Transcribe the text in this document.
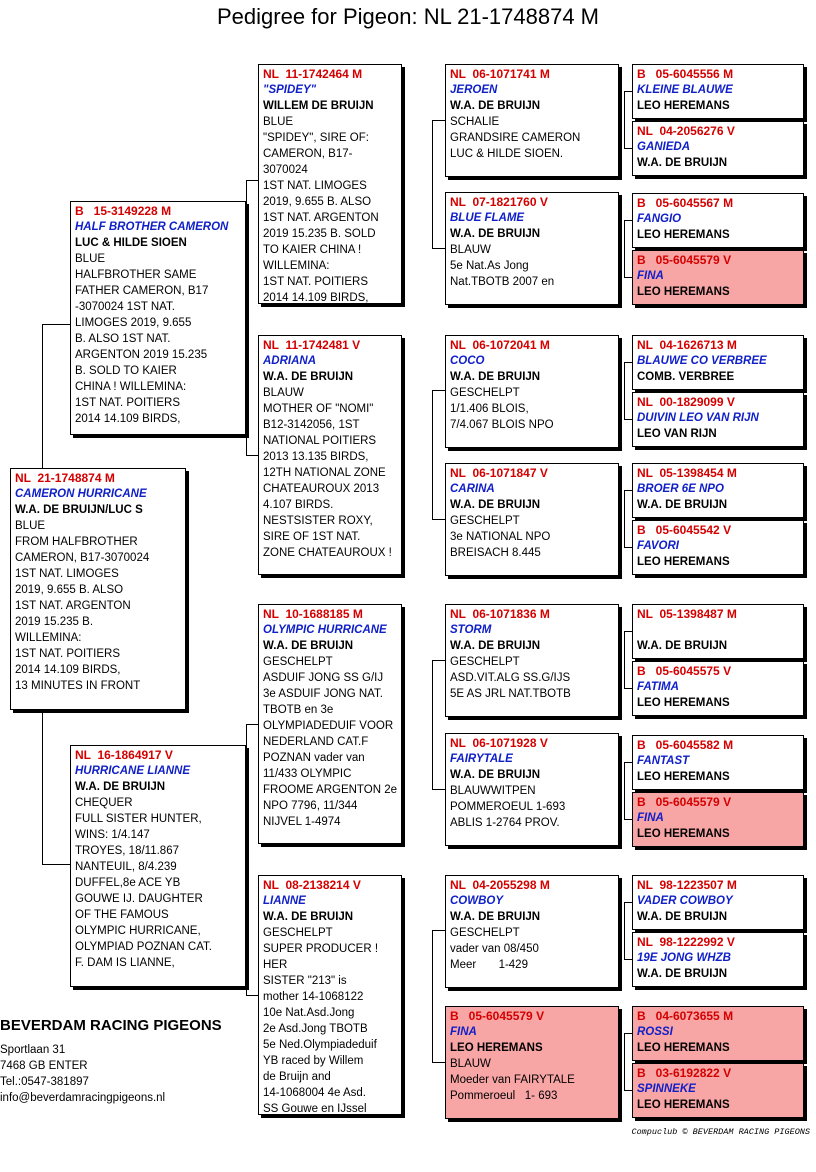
Pedigree for Pigeon: NL 21-1748874 M
NL  21-1748874 M
CAMERON HURRICANE
W.A. DE BRUIJN/LUC S
BLUE
FROM HALFBROTHER
CAMERON, B17-3070024
1ST NAT. LIMOGES
2019, 9.655 B. ALSO
1ST NAT. ARGENTON
2019 15.235 B.
WILLEMINA:
1ST NAT. POITIERS
2014 14.109 BIRDS,
13 MINUTES IN FRONT
B   15-3149228 M
HALF BROTHER CAMERON
LUC & HILDE SIOEN
BLUE
HALFBROTHER SAME
FATHER CAMERON, B17
-3070024 1ST NAT.
LIMOGES 2019, 9.655
B. ALSO 1ST NAT.
ARGENTON 2019 15.235
B. SOLD TO KAIER
CHINA ! WILLEMINA:
1ST NAT. POITIERS
2014 14.109 BIRDS,
NL  16-1864917 V
HURRICANE LIANNE
W.A. DE BRUIJN
CHEQUER
FULL SISTER HUNTER,
WINS: 1/4.147
TROYES, 18/11.867
NANTEUIL, 8/4.239
DUFFEL,8e ACE YB
GOUWE IJ. DAUGHTER
OF THE FAMOUS
OLYMPIC HURRICANE,
OLYMPIAD POZNAN CAT.
F. DAM IS LIANNE,
NL  11-1742464 M
"SPIDEY"
WILLEM DE BRUIJN
BLUE
"SPIDEY", SIRE OF:
CAMERON, B17-3070024
1ST NAT. LIMOGES
2019, 9.655 B. ALSO
1ST NAT. ARGENTON
2019 15.235 B. SOLD
TO KAIER CHINA !
WILLEMINA:
1ST NAT. POITIERS
2014 14.109 BIRDS,
NL  11-1742481 V
ADRIANA
W.A. DE BRUIJN
BLAUW
MOTHER OF "NOMI"
B12-3142056, 1ST
NATIONAL POITIERS
2013 13.135 BIRDS,
12TH NATIONAL ZONE
CHATEAUROUX 2013
4.107 BIRDS.
NESTSISTER ROXY,
SIRE OF 1ST NAT.
ZONE CHATEAUROUX !
NL  10-1688185 M
OLYMPIC HURRICANE
W.A. DE BRUIJN
GESCHELPT
ASDUIF JONG SS G/IJ
3e ASDUIF JONG NAT.
TBOTB en 3e
OLYMPIADEDUIF VOOR
NEDERLAND CAT.F
POZNAN vader van
11/433 OLYMPIC
FROOME ARGENTON 2e
NPO 7796, 11/344
NIJVEL 1-4974
NL  08-2138214 V
LIANNE
W.A. DE BRUIJN
GESCHELPT
SUPER PRODUCER ! HER
SISTER "213" is
mother 14-1068122
10e Nat.Asd.Jong
2e Asd.Jong TBOTB
5e Ned.Olympiadeduif
YB raced by Willem
de Bruijn and
14-1068004 4e Asd.
SS Gouwe en IJssel
NL  06-1071741 M
JEROEN
W.A. DE BRUIJN
SCHALIE
GRANDSIRE CAMERON
LUC & HILDE SIOEN.
NL  07-1821760 V
BLUE FLAME
W.A. DE BRUIJN
BLAUW
5e Nat.As Jong
Nat.TBOTB 2007 en
NL  06-1072041 M
COCO
W.A. DE BRUIJN
GESCHELPT
1/1.406 BLOIS,
7/4.067 BLOIS NPO
NL  06-1071847 V
CARINA
W.A. DE BRUIJN
GESCHELPT
3e NATIONAL NPO
BREISACH 8.445
NL  06-1071836 M
STORM
W.A. DE BRUIJN
GESCHELPT
ASD.VIT.ALG SS.G/IJS
5E AS JRL NAT.TBOTB
NL  06-1071928 V
FAIRYTALE
W.A. DE BRUIJN
BLAUWWITPEN
POMMEROEUL 1-693
ABLIS 1-2764 PROV.
NL  04-2055298 M
COWBOY
W.A. DE BRUIJN
GESCHELPT
vader van 08/450
Meer       1-429
B   05-6045579 V
FINA
LEO HEREMANS
BLAUW
Moeder van FAIRYTALE
Pommeroeul   1- 693
B   05-6045556 M
KLEINE BLAUWE
LEO HEREMANS
NL  04-2056276 V
GANIEDA
W.A. DE BRUIJN
B   05-6045567 M
FANGIO
LEO HEREMANS
B   05-6045579 V
FINA
LEO HEREMANS
NL  04-1626713 M
BLAUWE CO VERBREE
COMB. VERBREE
NL  00-1829099 V
DUIVIN LEO VAN RIJN
LEO VAN RIJN
NL  05-1398454 M
BROER 6E NPO
W.A. DE BRUIJN
B   05-6045542 V
FAVORI
LEO HEREMANS
NL  05-1398487 M
W.A. DE BRUIJN
B   05-6045575 V
FATIMA
LEO HEREMANS
B   05-6045582 M
FANTAST
LEO HEREMANS
B   05-6045579 V
FINA
LEO HEREMANS
NL  98-1223507 M
VADER COWBOY
W.A. DE BRUIJN
NL  98-1222992 V
19E JONG WHZB
W.A. DE BRUIJN
B   04-6073655 M
ROSSI
LEO HEREMANS
B   03-6192822 V
SPINNEKE
LEO HEREMANS
BEVERDAM RACING PIGEONS
Sportlaan 31
7468 GB ENTER
Tel.:0547-381897
info@beverdamracingpigeons.nl
Compuclub © BEVERDAM RACING PIGEONS
